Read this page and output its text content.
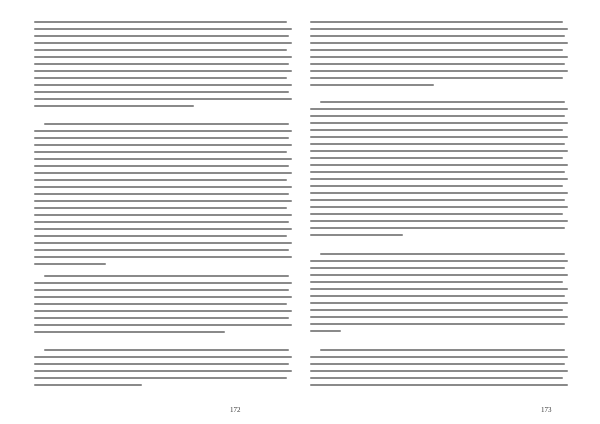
172	173
